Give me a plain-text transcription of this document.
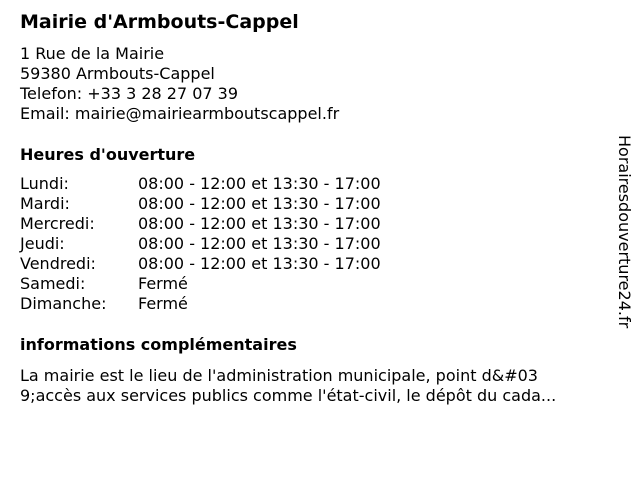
Mairie d'Armbouts-Cappel
1 Rue de la Mairie
59380 Armbouts-Cappel
Telefon: +33 3 28 27 07 39
Email: mairie@mairiearmboutscappel.fr
Heures d'ouverture
Lundi:	08:00 - 12:00 et 13:30 - 17:00
Mardi:	08:00 - 12:00 et 13:30 - 17:00
Mercredi:	08:00 - 12:00 et 13:30 - 17:00
Jeudi:	08:00 - 12:00 et 13:30 - 17:00
Vendredi:	08:00 - 12:00 et 13:30 - 17:00
Samedi:	Fermé
Dimanche:	Fermé
informations complémentaires
La mairie est le lieu de l'administration municipale, point d&#03
9;accès aux services publics comme l'état-civil, le dépôt du cada...
Horairesdouverture24.fr
